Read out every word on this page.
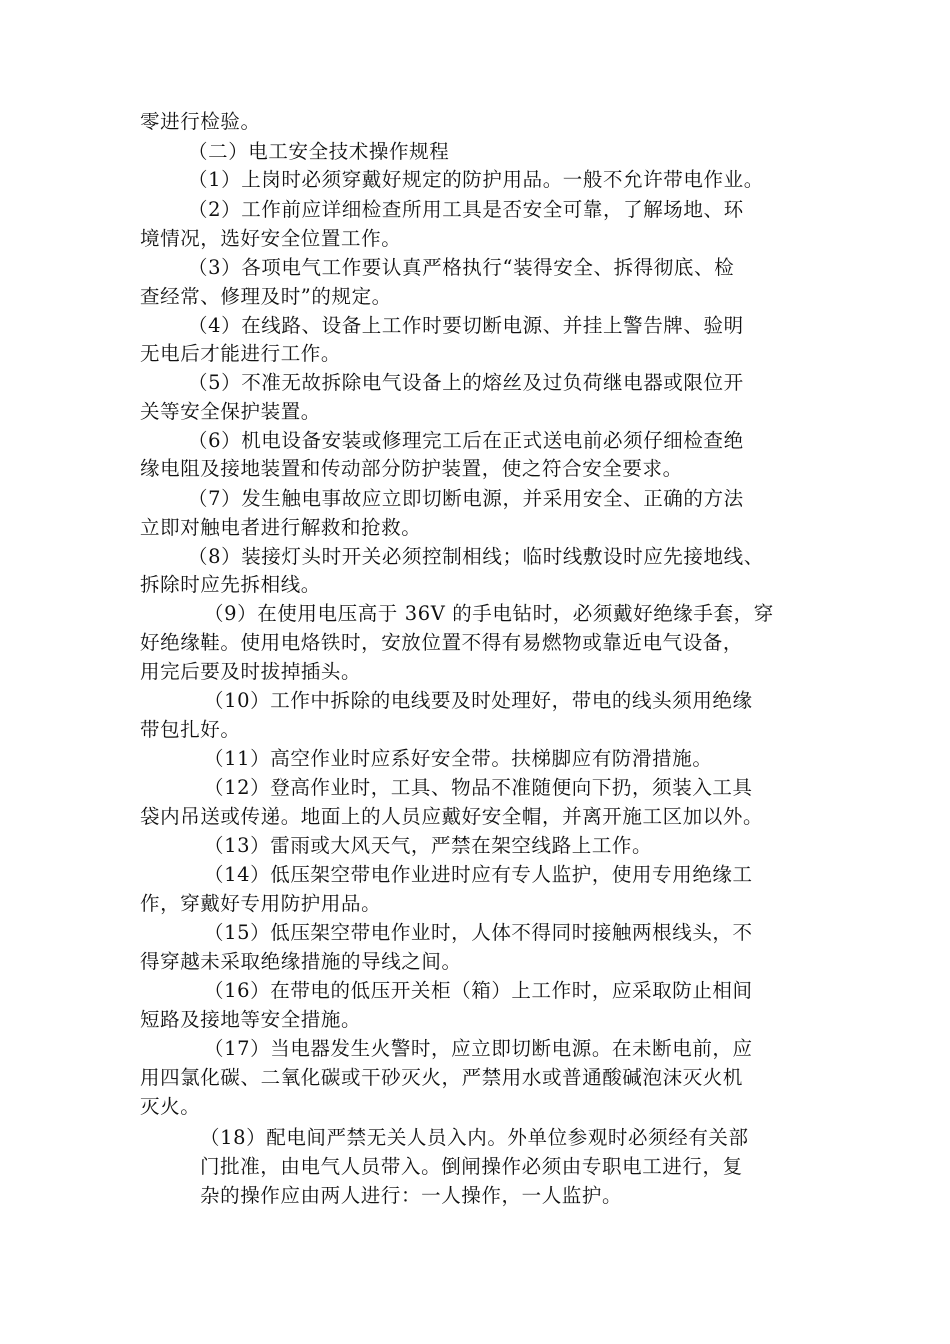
零进行检验。
（二）电工安全技术操作规程
（1）上岗时必须穿戴好规定的防护用品。一般不允许带电作业。
（2）工作前应详细检查所用工具是否安全可靠，了解场地、环
境情况，选好安全位置工作。
（3）各项电气工作要认真严格执行“装得安全、拆得彻底、检
查经常、修理及时”的规定。
（4）在线路、设备上工作时要切断电源、并挂上警告牌、验明
无电后才能进行工作。
（5）不准无故拆除电气设备上的熔丝及过负荷继电器或限位开
关等安全保护装置。
（6）机电设备安装或修理完工后在正式送电前必须仔细检查绝
缘电阻及接地装置和传动部分防护装置，使之符合安全要求。
（7）发生触电事故应立即切断电源，并采用安全、正确的方法
立即对触电者进行解救和抢救。
（8）装接灯头时开关必须控制相线；临时线敷设时应先接地线、
拆除时应先拆相线。
（9）在使用电压高于 36V 的手电钻时，必须戴好绝缘手套，穿
好绝缘鞋。使用电烙铁时，安放位置不得有易燃物或靠近电气设备，
用完后要及时拔掉插头。
（10）工作中拆除的电线要及时处理好，带电的线头须用绝缘
带包扎好。
（11）高空作业时应系好安全带。扶梯脚应有防滑措施。
（12）登高作业时，工具、物品不准随便向下扔，须装入工具
袋内吊送或传递。地面上的人员应戴好安全帽，并离开施工区加以外。
（13）雷雨或大风天气，严禁在架空线路上工作。
（14）低压架空带电作业进时应有专人监护，使用专用绝缘工
作，穿戴好专用防护用品。
（15）低压架空带电作业时，人体不得同时接触两根线头，不
得穿越未采取绝缘措施的导线之间。
（16）在带电的低压开关柜（箱）上工作时，应采取防止相间
短路及接地等安全措施。
（17）当电器发生火警时，应立即切断电源。在未断电前，应
用四氯化碳、二氧化碳或干砂灭火，严禁用水或普通酸碱泡沫灭火机
灭火。
（18）配电间严禁无关人员入内。外单位参观时必须经有关部
门批准，由电气人员带入。倒闸操作必须由专职电工进行，复
杂的操作应由两人进行：一人操作，一人监护。
